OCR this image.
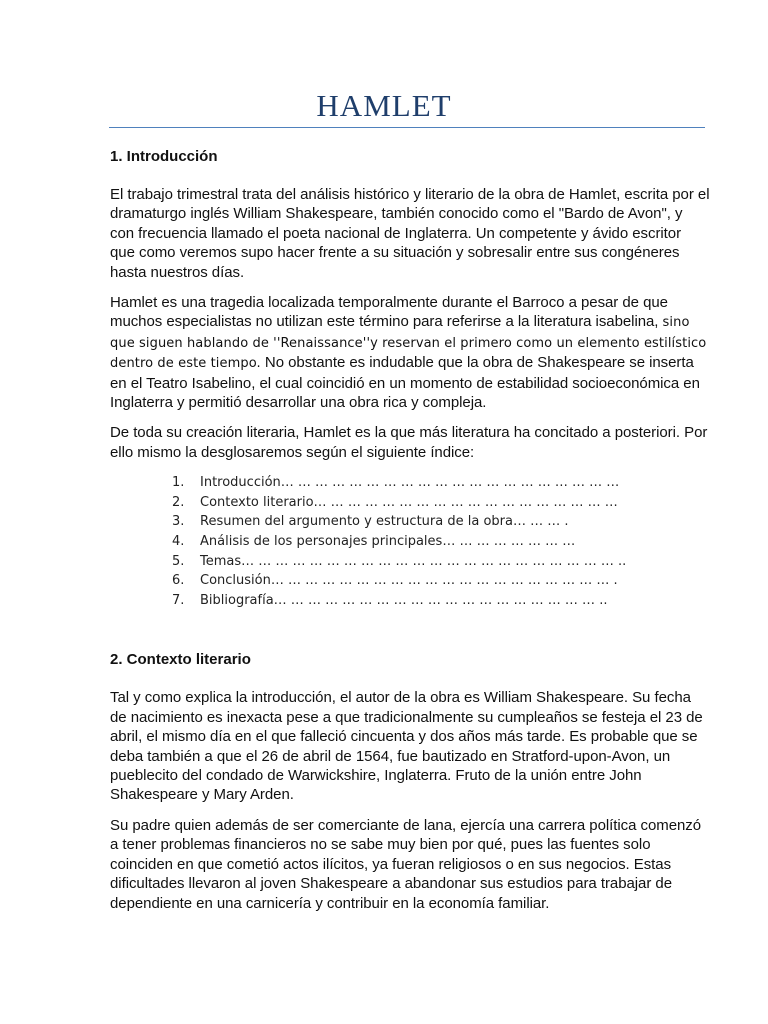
HAMLET
1. Introducción

El trabajo trimestral trata del análisis histórico y literario de la obra de Hamlet, escrita por el dramaturgo inglés William Shakespeare, también conocido como el "Bardo de Avon", y con frecuencia llamado el poeta nacional de Inglaterra. Un competente y ávido escritor que como veremos supo hacer frente a su situación y sobresalir entre sus congéneres hasta nuestros días.

Hamlet es una tragedia localizada temporalmente durante el Barroco a pesar de que muchos especialistas no utilizan este término para referirse a la literatura isabelina, sino que siguen hablando de ''Renaissance''y reservan el primero como un elemento estilístico dentro de este tiempo. No obstante es indudable que la obra de Shakespeare se inserta en el Teatro Isabelino, el cual coincidió en un momento de estabilidad socioeconómica en Inglaterra y permitió desarrollar una obra rica y compleja.

De toda su creación literaria, Hamlet es la que más literatura ha concitado a posteriori. Por ello mismo la desglosaremos según el siguiente índice:

1. Introducción… … … … … … … … … … … … … … … … … … … …
2. Contexto literario… … … … … … … … … … … … … … … … … …
3. Resumen del argumento y estructura de la obra… … … .
4. Análisis de los personajes principales… … … … … … … …
5. Temas… … … … … … … … … … … … … … … … … … … … … … ..
6. Conclusión… … … … … … … … … … … … … … … … … … … … .
7. Bibliografía… … … … … … … … … … … … … … … … … … … ..
2. Contexto literario

Tal y como explica la introducción, el autor de la obra es William Shakespeare. Su fecha de nacimiento es inexacta pese a que tradicionalmente su cumpleaños se festeja el 23 de abril, el mismo día en el que falleció cincuenta y dos años más tarde. Es probable que se deba también a que el 26 de abril de 1564, fue bautizado en Stratford-upon-Avon, un pueblecito del condado de Warwickshire, Inglaterra. Fruto de la unión entre John Shakespeare y Mary Arden.

Su padre quien además de ser comerciante de lana, ejercía una carrera política comenzó a tener problemas financieros no se sabe muy bien por qué, pues las fuentes solo coinciden en que cometió actos ilícitos, ya fueran religiosos o en sus negocios. Estas dificultades llevaron al joven Shakespeare a abandonar sus estudios para trabajar de dependiente en una carnicería y contribuir en la economía familiar.
